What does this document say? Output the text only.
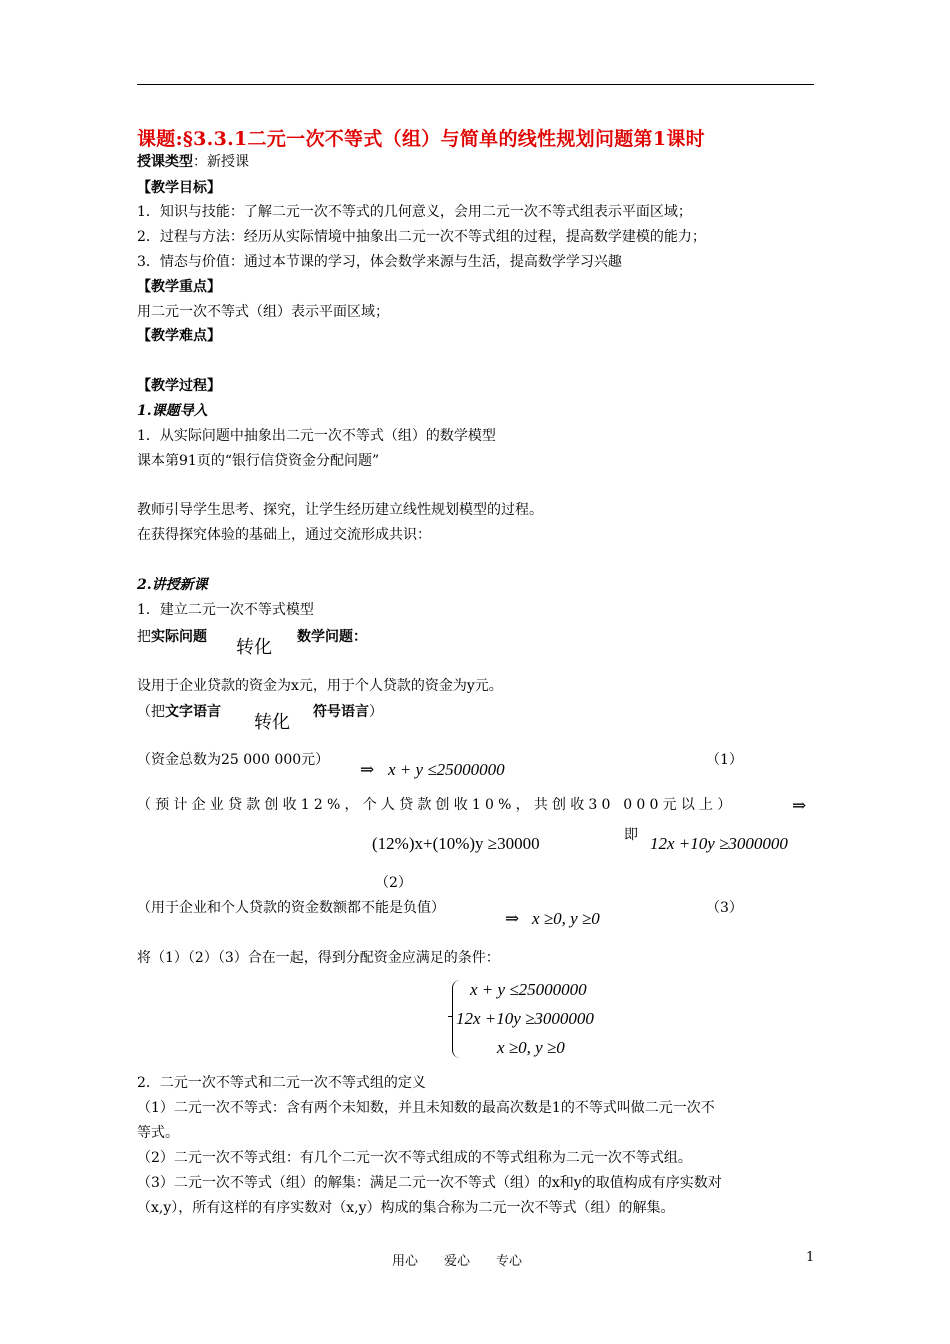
课题:§3.3.1二元一次不等式（组）与简单的线性规划问题第1课时
授课类型：新授课
【教学目标】
1．知识与技能：了解二元一次不等式的几何意义，会用二元一次不等式组表示平面区域；
2．过程与方法：经历从实际情境中抽象出二元一次不等式组的过程，提高数学建模的能力；
3．情态与价值：通过本节课的学习，体会数学来源与生活，提高数学学习兴趣
【教学重点】
用二元一次不等式（组）表示平面区域；
【教学难点】
【教学过程】
1.课题导入
1．从实际问题中抽象出二元一次不等式（组）的数学模型
课本第91页的“银行信贷资金分配问题”
教师引导学生思考、探究，让学生经历建立线性规划模型的过程。
在获得探究体验的基础上，通过交流形成共识：
2.讲授新课
1．建立二元一次不等式模型
把实际问题 转化 数学问题：
设用于企业贷款的资金为x元，用于个人贷款的资金为y元。
（把文字语言 转化 符号语言）
（资金总数为25 000 000元） ⇒ x + y ≤25000000	（1）
（预计企业贷款创收12%，个人贷款创收10%，共创收30 000元以上）	⇒
(12%)x+(10%)y ≥30000	即 12x +10y ≥3000000
（2）
（用于企业和个人贷款的资金数额都不能是负值）
⇒ x ≥0, y ≥0
（3）
将（1）（2）（3）合在一起，得到分配资金应满足的条件：
x + y ≤25000000
12x +10y ≥3000000
x ≥0, y ≥0
2．二元一次不等式和二元一次不等式组的定义
（1）二元一次不等式：含有两个未知数，并且未知数的最高次数是1的不等式叫做二元一次不
等式。
（2）二元一次不等式组：有几个二元一次不等式组成的不等式组称为二元一次不等式组。
（3）二元一次不等式（组）的解集：满足二元一次不等式（组）的x和y的取值构成有序实数对
（x,y），所有这样的有序实数对（x,y）构成的集合称为二元一次不等式（组）的解集。
用心　　爱心　　专心	1
